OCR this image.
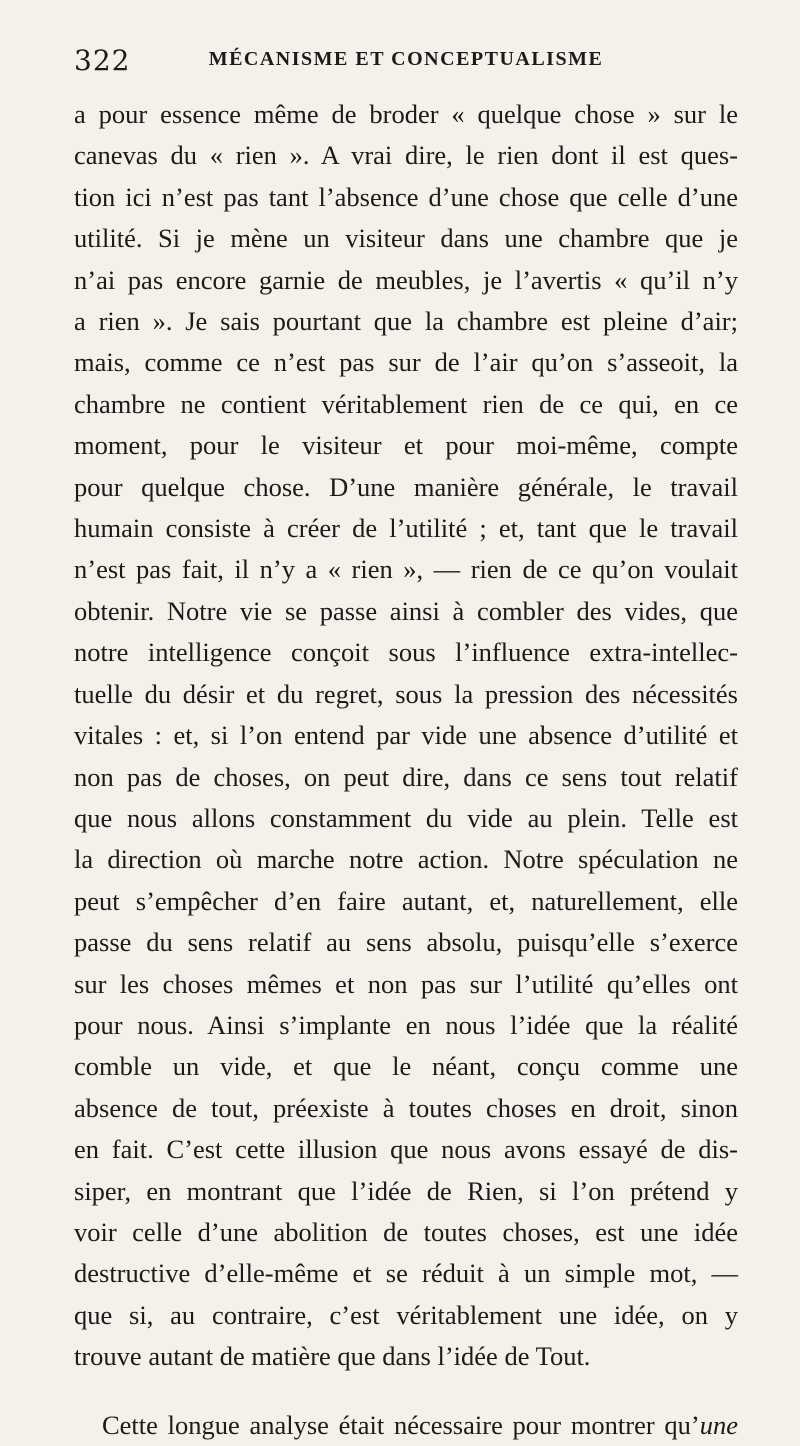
322	MÉCANISME ET CONCEPTUALISME
a pour essence même de broder « quelque chose » sur le
canevas du « rien ». A vrai dire, le rien dont il est ques-
tion ici n’est pas tant l’absence d’une chose que celle d’une
utilité. Si je mène un visiteur dans une chambre que je
n’ai pas encore garnie de meubles, je l’avertis « qu’il n’y
a rien ». Je sais pourtant que la chambre est pleine d’air;
mais, comme ce n’est pas sur de l’air qu’on s’asseoit, la
chambre ne contient véritablement rien de ce qui, en ce
moment, pour le visiteur et pour moi-même, compte
pour quelque chose. D’une manière générale, le travail
humain consiste à créer de l’utilité ; et, tant que le travail
n’est pas fait, il n’y a « rien », — rien de ce qu’on voulait
obtenir. Notre vie se passe ainsi à combler des vides, que
notre intelligence conçoit sous l’influence extra-intellec-
tuelle du désir et du regret, sous la pression des nécessités
vitales : et, si l’on entend par vide une absence d’utilité et
non pas de choses, on peut dire, dans ce sens tout relatif
que nous allons constamment du vide au plein. Telle est
la direction où marche notre action. Notre spéculation ne
peut s’empêcher d’en faire autant, et, naturellement, elle
passe du sens relatif au sens absolu, puisqu’elle s’exerce
sur les choses mêmes et non pas sur l’utilité qu’elles ont
pour nous. Ainsi s’implante en nous l’idée que la réalité
comble un vide, et que le néant, conçu comme une
absence de tout, préexiste à toutes choses en droit, sinon
en fait. C’est cette illusion que nous avons essayé de dis-
siper, en montrant que l’idée de Rien, si l’on prétend y
voir celle d’une abolition de toutes choses, est une idée
destructive d’elle-même et se réduit à un simple mot, —
que si, au contraire, c’est véritablement une idée, on y
trouve autant de matière que dans l’idée de Tout.
Cette longue analyse était nécessaire pour montrer qu’une
